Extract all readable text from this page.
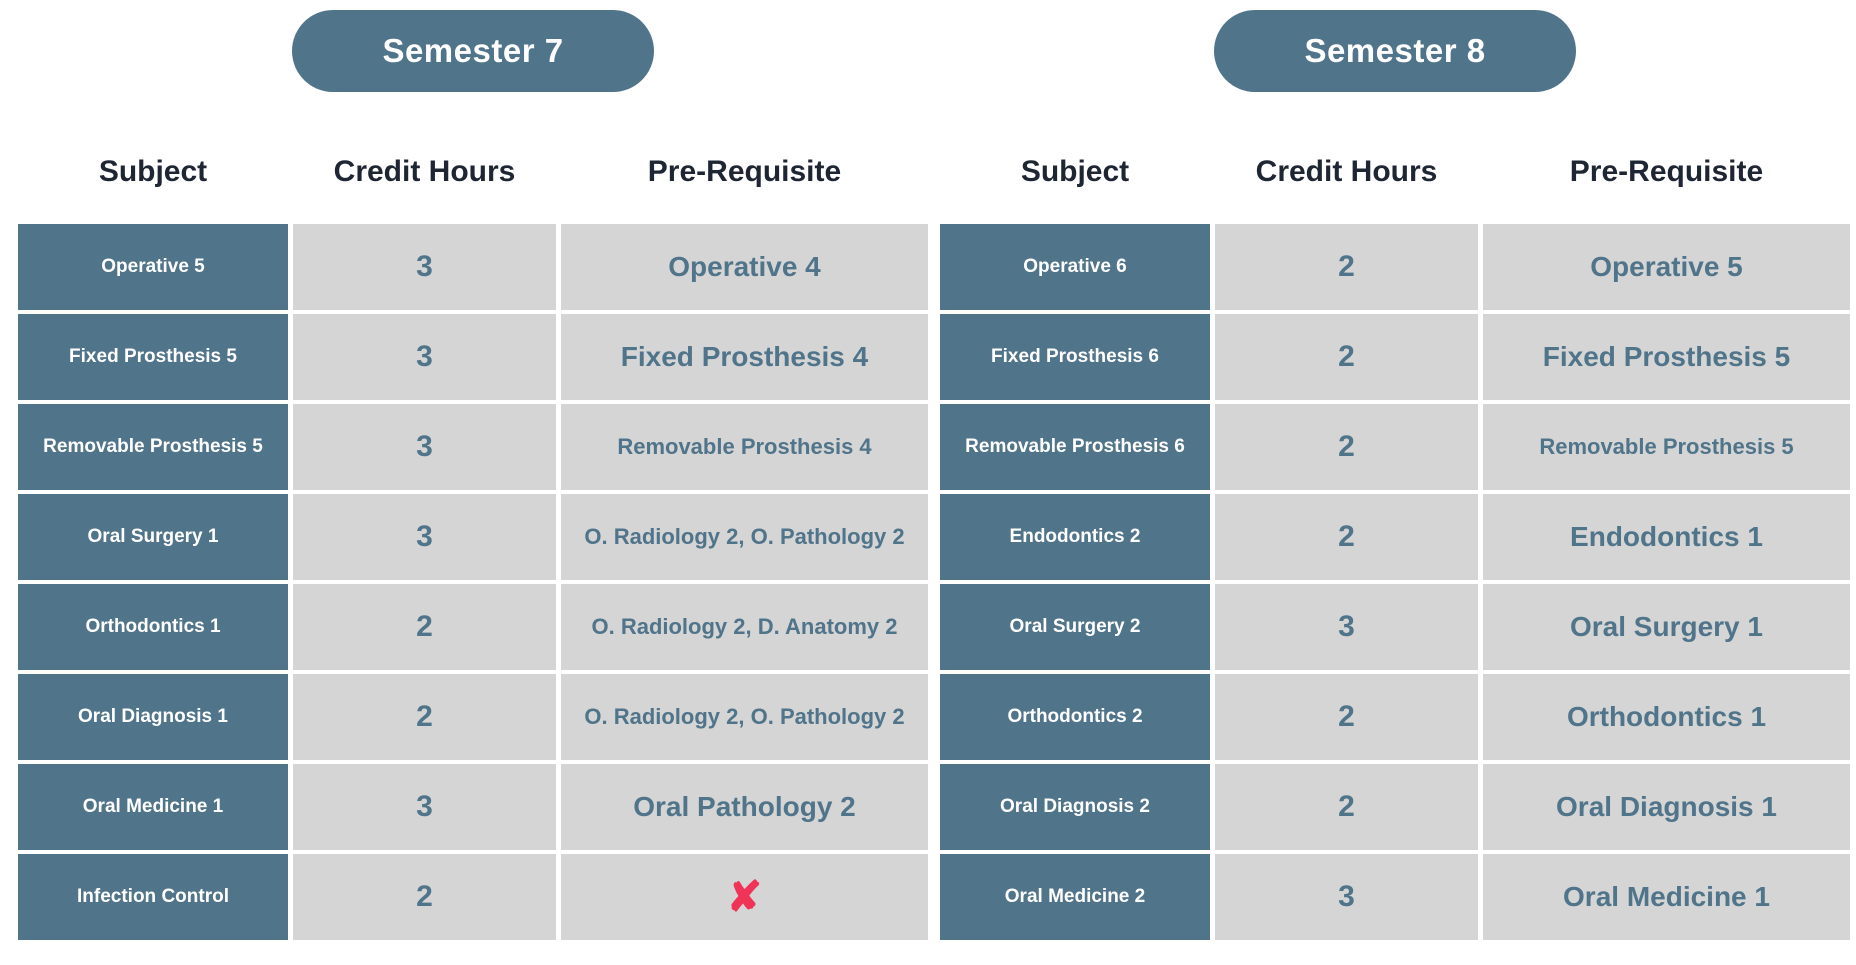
Semester 7
Subject	Credit Hours	Pre-Requisite
Operative 5	3	Operative 4
Fixed Prosthesis 5	3	Fixed Prosthesis 4
Removable Prosthesis 5	3	Removable Prosthesis 4
Oral Surgery 1	3	O. Radiology 2, O. Pathology 2
Orthodontics 1	2	O. Radiology 2, D. Anatomy 2
Oral Diagnosis 1	2	O. Radiology 2, O. Pathology 2
Oral Medicine 1	3	Oral Pathology 2
Infection Control	2	✘
Semester 8
Subject	Credit Hours	Pre-Requisite
Operative 6	2	Operative 5
Fixed Prosthesis 6	2	Fixed Prosthesis 5
Removable Prosthesis 6	2	Removable Prosthesis 5
Endodontics 2	2	Endodontics 1
Oral Surgery 2	3	Oral Surgery 1
Orthodontics 2	2	Orthodontics 1
Oral Diagnosis 2	2	Oral Diagnosis 1
Oral Medicine 2	3	Oral Medicine 1
